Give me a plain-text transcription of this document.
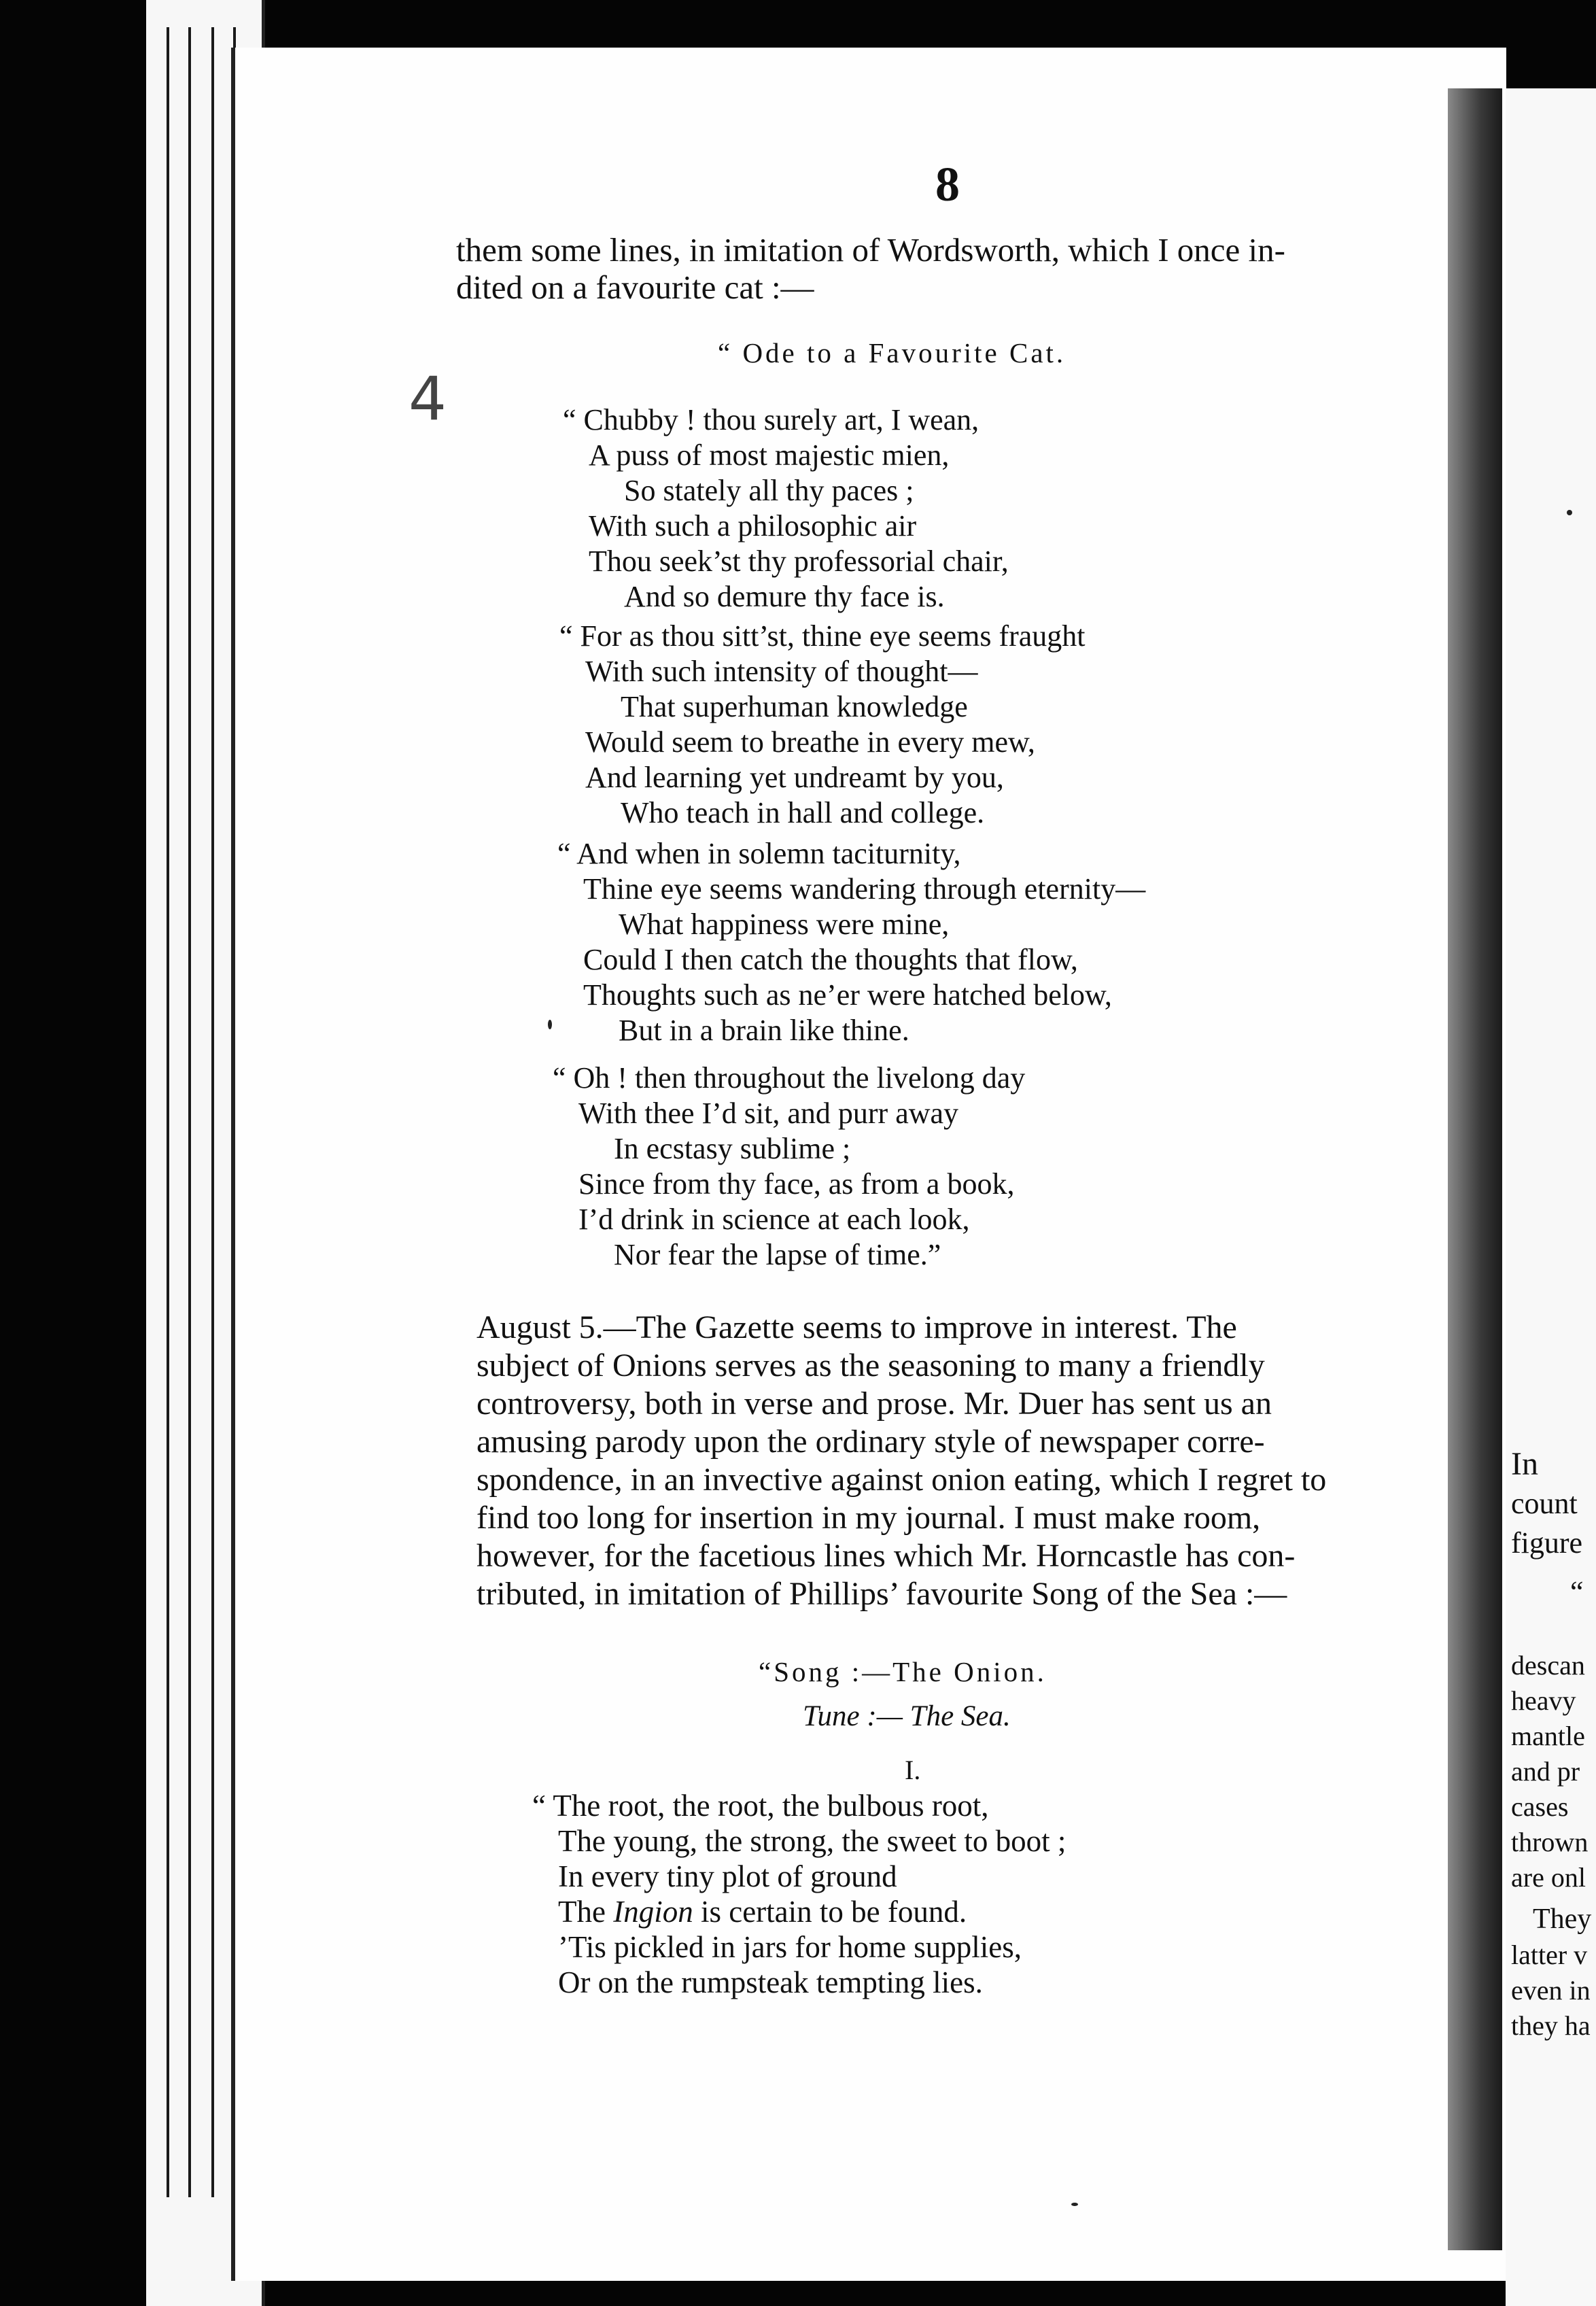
8
them some lines, in imitation of Wordsworth, which I once in-
dited on a favourite cat :—
“ Ode to a Favourite Cat.
4	“ Chubby ! thou surely art, I wean,
A puss of most majestic mien,
So stately all thy paces ;
With such a philosophic air
Thou seek’st thy professorial chair,
And so demure thy face is.
“ For as thou sitt’st, thine eye seems fraught
With such intensity of thought—
That superhuman knowledge
Would seem to breathe in every mew,
And learning yet undreamt by you,
Who teach in hall and college.
“ And when in solemn taciturnity,
Thine eye seems wandering through eternity—
What happiness were mine,
Could I then catch the thoughts that flow,
Thoughts such as ne’er were hatched below,
But in a brain like thine.
“ Oh ! then throughout the livelong day
With thee I’d sit, and purr away
In ecstasy sublime ;
Since from thy face, as from a book,
I’d drink in science at each look,
Nor fear the lapse of time.”
August 5.—The Gazette seems to improve in interest. The
subject of Onions serves as the seasoning to many a friendly
controversy, both in verse and prose. Mr. Duer has sent us an
amusing parody upon the ordinary style of newspaper corre-
spondence, in an invective against onion eating, which I regret to
find too long for insertion in my journal. I must make room,
however, for the facetious lines which Mr. Horncastle has con-
tributed, in imitation of Phillips’ favourite Song of the Sea :—
“Song :—The Onion.
Tune :— The Sea.
I.
“ The root, the root, the bulbous root,
The young, the strong, the sweet to boot ;
In every tiny plot of ground
The Ingion is certain to be found.
’Tis pickled in jars for home supplies,
Or on the rumpsteak tempting lies.
In
count
figure
“
descan
heavy
mantle
and pr
cases
thrown
are onl
They
latter v
even in
they ha
